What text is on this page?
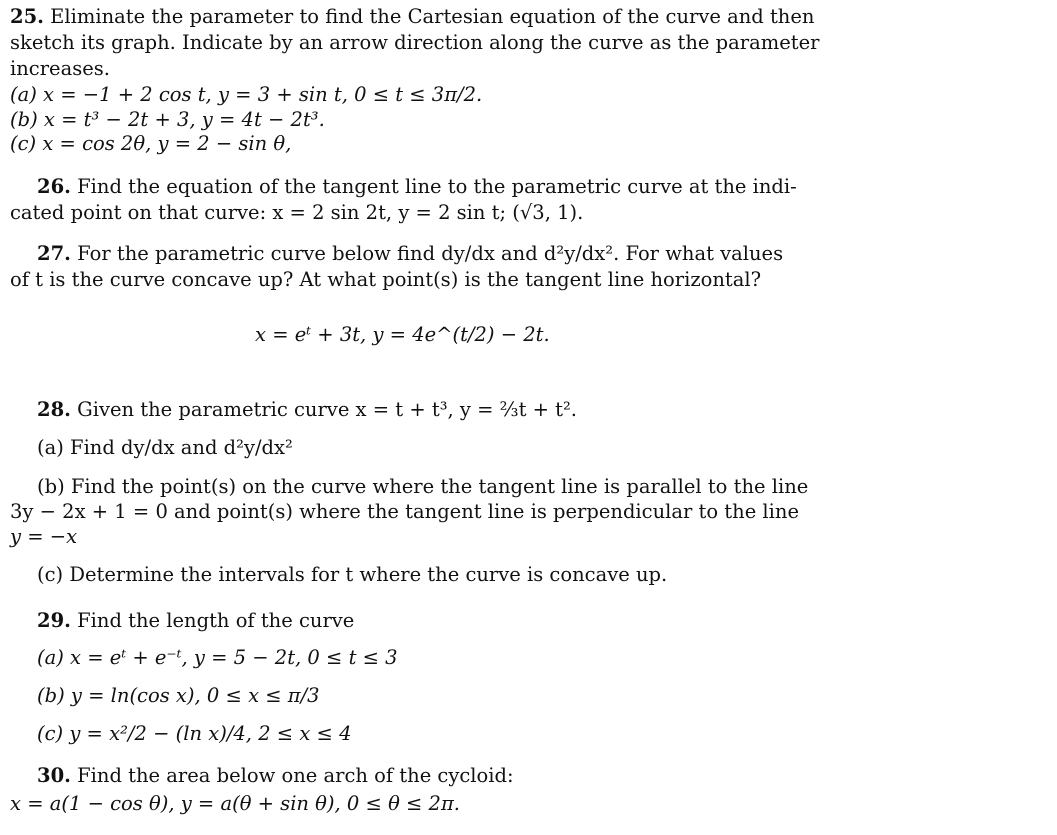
25. Eliminate the parameter to find the Cartesian equation of the curve and then
sketch its graph. Indicate by an arrow direction along the curve as the parameter
increases.
(a) x = −1 + 2 cos t, y = 3 + sin t, 0 ≤ t ≤ 3π/2.
(b) x = t³ − 2t + 3, y = 4t − 2t³.
(c) x = cos 2θ, y = 2 − sin θ,
26. Find the equation of the tangent line to the parametric curve at the indi-
cated point on that curve: x = 2 sin 2t, y = 2 sin t; (√3, 1).
27. For the parametric curve below find dy/dx and d²y/dx². For what values
of t is the curve concave up? At what point(s) is the tangent line horizontal?
x = eᵗ + 3t, y = 4e^(t/2) − 2t.
28. Given the parametric curve x = t + t³, y = ⅔t + t².
(a) Find dy/dx and d²y/dx²
(b) Find the point(s) on the curve where the tangent line is parallel to the line
3y − 2x + 1 = 0 and point(s) where the tangent line is perpendicular to the line
y = −x
(c) Determine the intervals for t where the curve is concave up.
29. Find the length of the curve
(a) x = eᵗ + e⁻ᵗ, y = 5 − 2t, 0 ≤ t ≤ 3
(b) y = ln(cos x), 0 ≤ x ≤ π/3
(c) y = x²/2 − (ln x)/4, 2 ≤ x ≤ 4
30. Find the area below one arch of the cycloid:
x = a(1 − cos θ), y = a(θ + sin θ), 0 ≤ θ ≤ 2π.
